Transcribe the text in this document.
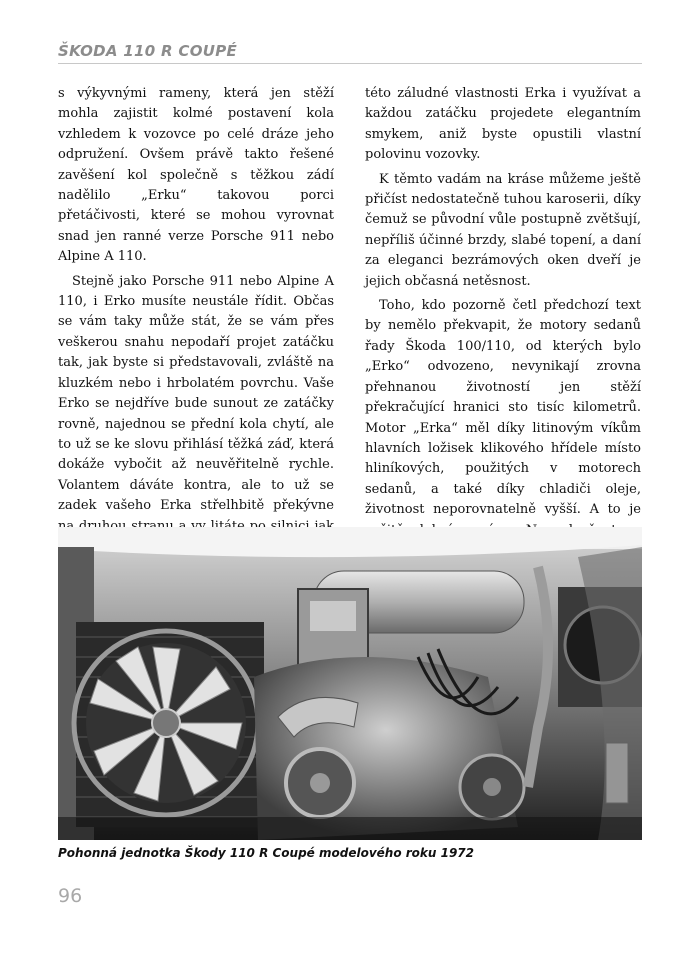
ŠKODA 110 R COUPÉ

s výkyvnými rameny, která jen stěží mohla zajistit kolmé postavení kola vzhledem k vozovce po celé dráze jeho odpružení. Ovšem právě takto řešené zavěšení kol společně s těžkou zádí nadělilo „Erku“ takovou porci přetáčivosti, které se mohou vyrovnat snad jen ranné verze Porsche 911 nebo Alpine A 110.

Stejně jako Porsche 911 nebo Alpine A 110, i Erko musíte neustále řídit. Občas se vám taky může stát, že se vám přes veškerou snahu nepodaří projet zatáčku tak, jak byste si představovali, zvláště na kluzkém nebo i hrbolatém povrchu. Vaše Erko se nejdříve bude sunout ze zatáčky rovně, najednou se přední kola chytí, ale to už se ke slovu přihlásí těžká záď, která dokáže vybočit až neuvěřitelně rychle. Volantem dáváte kontra, ale to už se zadek vašeho Erka střelhbitě překývne

této záludné vlastnosti Erka i využívat a každou zatáčku projedete elegantním smykem, aniž byste opustili vlastní polovinu vozovky.

K těmto vadám na kráse můžeme ještě přičíst nedostatečně tuhou karoserii, díky čemuž se původní vůle postupně zvětšují, nepříliš účinné brzdy, slabé topení, a daní za eleganci bezrámových oken dveří je jejich občasná netěsnost.

Toho, kdo pozorně četl předchozí text by nemělo překvapit, že motory sedanů řady Škoda 100/110, od kterých bylo „Erko“ odvozeno, nevynikají zrovna přehnanou životností jen stěží překračující hranici sto tisíc kilometrů. Motor „Erka“ měl díky litinovým víkům hlavních ložisek klikového hřídele místo hliníkových, použitých v motorech sedanů, a také díky chladiči oleje, životnost neporovnatelně vyšší. A to je

Pohonná jednotka Škody 110 R Coupé modelového roku 1972
96
